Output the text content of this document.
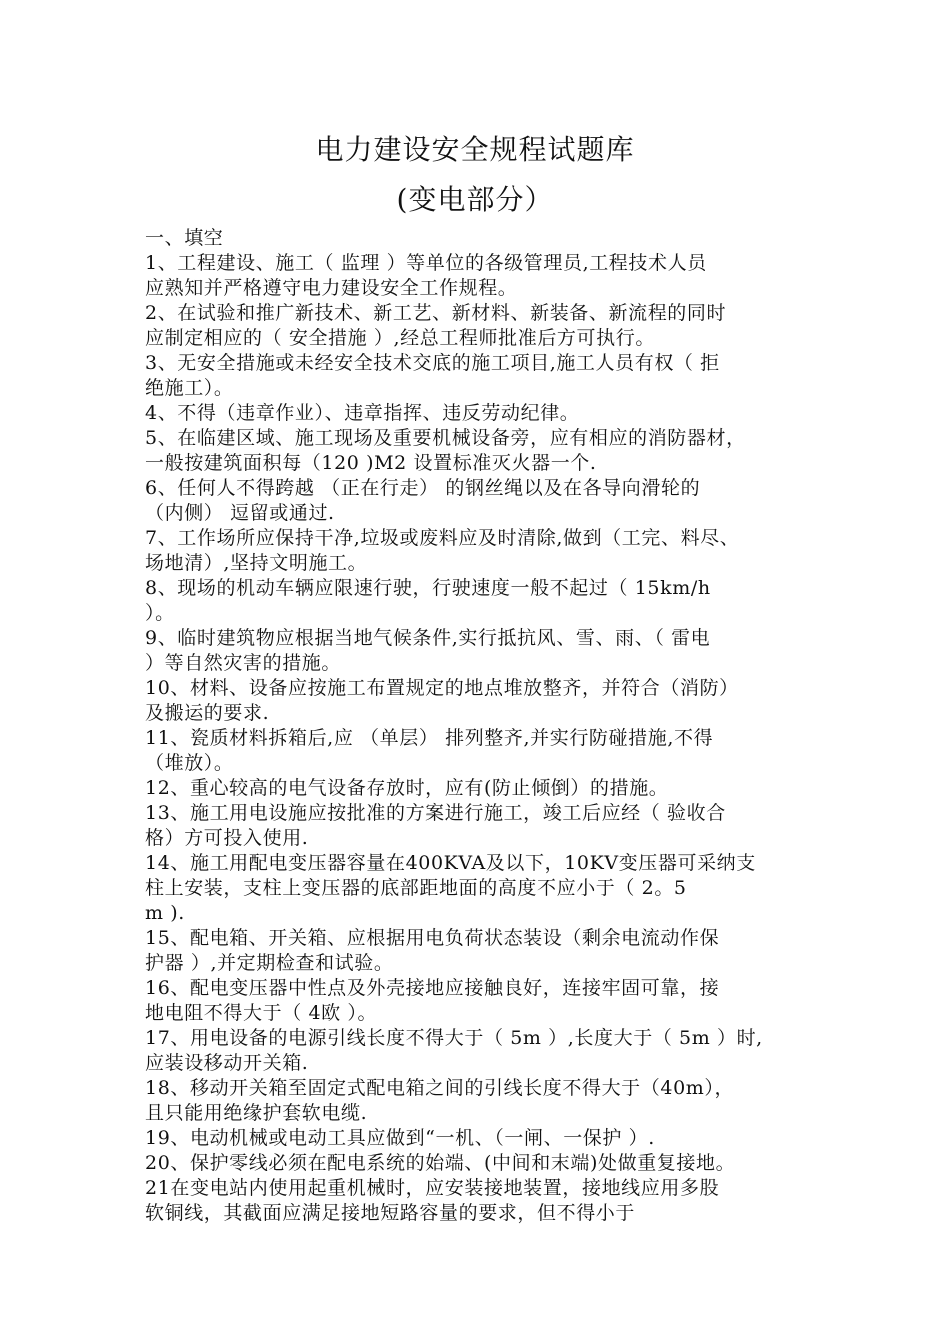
电力建设安全规程试题库
(变电部分）
一、填空
1、工程建设、施工（ 监理 ）等单位的各级管理员,工程技术人员
应熟知并严格遵守电力建设安全工作规程。
2、在试验和推广新技术、新工艺、新材料、新装备、新流程的同时
应制定相应的（ 安全措施 ）,经总工程师批准后方可执行。
3、无安全措施或未经安全技术交底的施工项目,施工人员有权（ 拒
绝施工）。
4、不得（违章作业）、违章指挥、违反劳动纪律。
5、在临建区域、施工现场及重要机械设备旁，应有相应的消防器材，
一般按建筑面积每（120 )M2 设置标准灭火器一个.
6、任何人不得跨越 （正在行走） 的钢丝绳以及在各导向滑轮的
（内侧） 逗留或通过.
7、工作场所应保持干净,垃圾或废料应及时清除,做到（工完、料尽、
场地清）,坚持文明施工。
8、现场的机动车辆应限速行驶，行驶速度一般不起过（ 15km/h
）。
9、临时建筑物应根据当地气候条件,实行抵抗风、雪、雨、（ 雷电
）等自然灾害的措施。
10、材料、设备应按施工布置规定的地点堆放整齐，并符合（消防）
及搬运的要求.
11、瓷质材料拆箱后,应 （单层） 排列整齐,并实行防碰措施,不得
（堆放）。
12、重心较高的电气设备存放时，应有(防止倾倒）的措施。
13、施工用电设施应按批准的方案进行施工，竣工后应经（ 验收合
格）方可投入使用.
14、施工用配电变压器容量在400KVA及以下，10KV变压器可采纳支
柱上安装，支柱上变压器的底部距地面的高度不应小于（ 2。5
m ).
15、配电箱、开关箱、应根据用电负荷状态装设（剩余电流动作保
护器 ）,并定期检查和试验。
16、配电变压器中性点及外壳接地应接触良好，连接牢固可靠，接
地电阻不得大于（ 4欧 ）。
17、用电设备的电源引线长度不得大于（ 5m ）,长度大于（ 5m ）时,
应装设移动开关箱.
18、移动开关箱至固定式配电箱之间的引线长度不得大于（40m），
且只能用绝缘护套软电缆.
19、电动机械或电动工具应做到“一机、（一闸、一保护 ）.
20、保护零线必须在配电系统的始端、(中间和末端)处做重复接地。
21在变电站内使用起重机械时，应安装接地装置，接地线应用多股
软铜线，其截面应满足接地短路容量的要求，但不得小于
